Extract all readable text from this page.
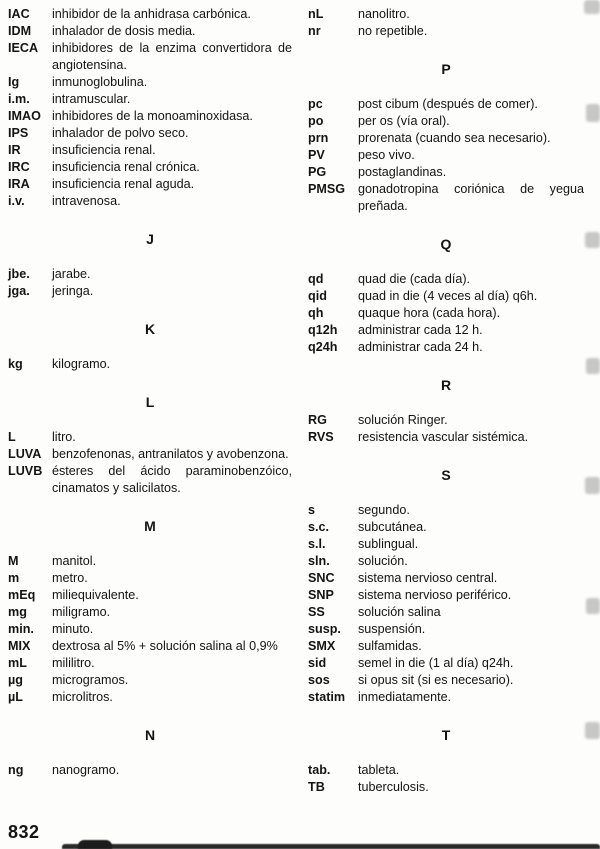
IAC	inhibidor de la anhidrasa carbónica.
IDM	inhalador de dosis media.
IECA	inhibidores de la enzima convertidora de angiotensina.
Ig	inmunoglobulina.
i.m.	intramuscular.
IMAO inhibidores de la monoaminoxidasa.
IPS	inhalador de polvo seco.
IR	insuficiencia renal.
IRC	insuficiencia renal crónica.
IRA	insuficiencia renal aguda.
i.v.	intravenosa.
J
jbe.	jarabe.
jga.	jeringa.
K
kg	kilogramo.
L
L	litro.
LUVA benzofenonas, antranilatos y avobenzona.
LUVB ésteres del ácido paraminobenzóico, cinamatos y salicilatos.
M
M	manitol.
m	metro.
mEq	miliequivalente.
mg	miligramo.
min.	minuto.
MIX	dextrosa al 5% + solución salina al 0,9%
mL	mililitro.
µg	microgramos.
µL	microlitros.
N
ng	nanogramo.
nL	nanolitro.
nr	no repetible.
P
pc	post cibum (después de comer).
po	per os (vía oral).
prn	prorenata (cuando sea necesario).
PV	peso vivo.
PG	postaglandinas.
PMSG	gonadotropina coriónica de yegua preñada.
Q
qd	quad die (cada día).
qid	quad in die (4 veces al día) q6h.
qh	quaque hora (cada hora).
q12h	administrar cada 12 h.
q24h	administrar cada 24 h.
R
RG	solución Ringer.
RVS	resistencia vascular sistémica.
S
s	segundo.
s.c.	subcutánea.
s.l.	sublingual.
sln.	solución.
SNC	sistema nervioso central.
SNP	sistema nervioso periférico.
SS	solución salina
susp.	suspensión.
SMX	sulfamidas.
sid	semel in die (1 al día) q24h.
sos	si opus sit (si es necesario).
statim	inmediatamente.
T
tab.	tableta.
TB	tuberculosis.
832
